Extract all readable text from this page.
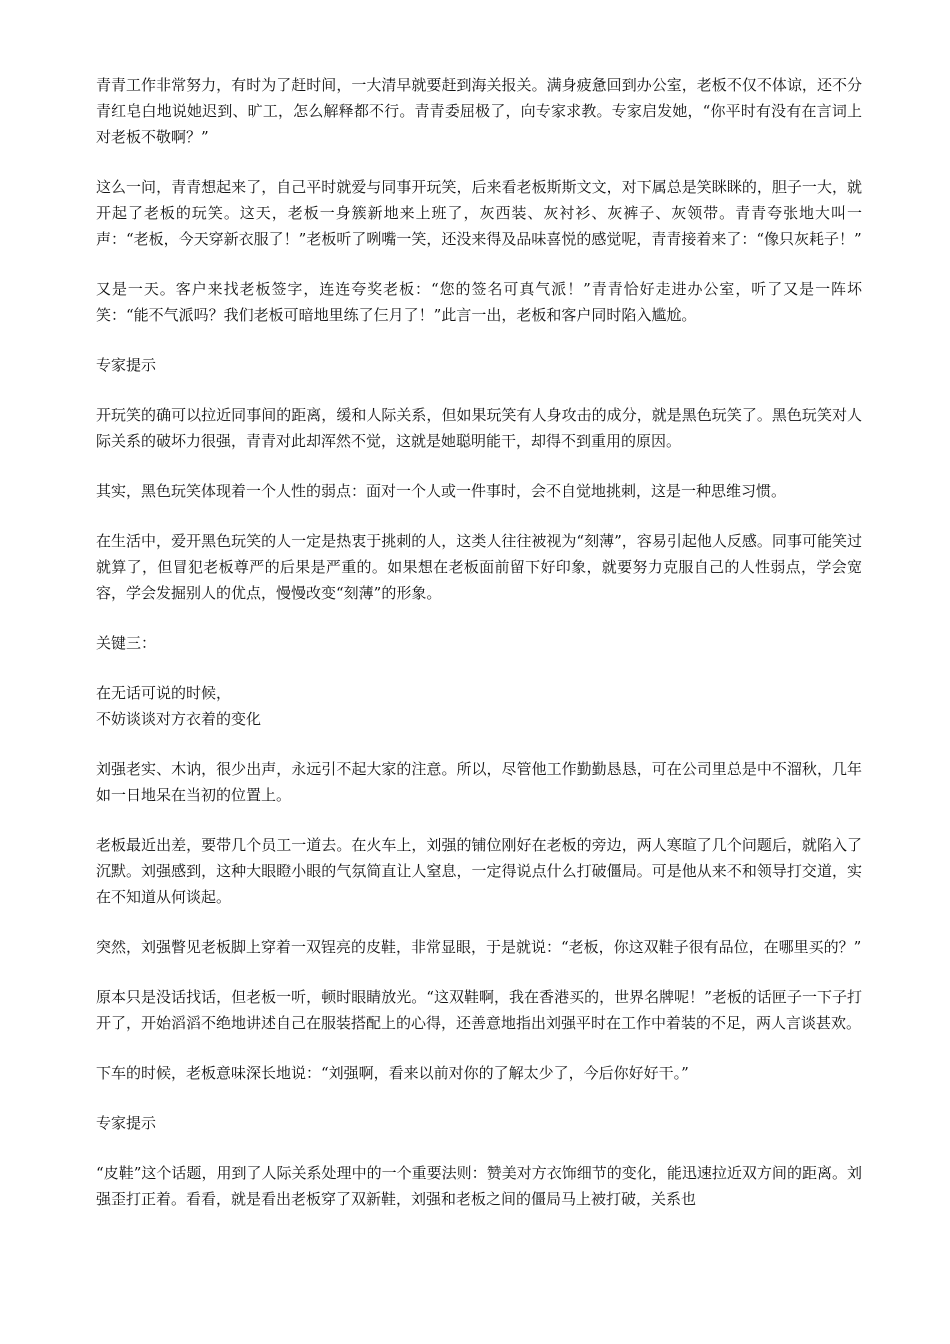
青青工作非常努力，有时为了赶时间，一大清早就要赶到海关报关。满身疲惫回到办公室，老板不仅不体谅，还不分青红皂白地说她迟到、旷工，怎么解释都不行。青青委屈极了，向专家求教。专家启发她，“你平时有没有在言词上对老板不敬啊？”

这么一问，青青想起来了，自己平时就爱与同事开玩笑，后来看老板斯斯文文，对下属总是笑眯眯的，胆子一大，就开起了老板的玩笑。这天，老板一身簇新地来上班了，灰西装、灰衬衫、灰裤子、灰领带。青青夸张地大叫一声：“老板，今天穿新衣服了！”老板听了咧嘴一笑，还没来得及品味喜悦的感觉呢，青青接着来了：“像只灰耗子！”

又是一天。客户来找老板签字，连连夸奖老板：“您的签名可真气派！”青青恰好走进办公室，听了又是一阵坏笑：“能不气派吗？我们老板可暗地里练了仨月了！”此言一出，老板和客户同时陷入尴尬。

专家提示

开玩笑的确可以拉近同事间的距离，缓和人际关系，但如果玩笑有人身攻击的成分，就是黑色玩笑了。黑色玩笑对人际关系的破坏力很强，青青对此却浑然不觉，这就是她聪明能干，却得不到重用的原因。

其实，黑色玩笑体现着一个人性的弱点：面对一个人或一件事时，会不自觉地挑刺，这是一种思维习惯。

在生活中，爱开黑色玩笑的人一定是热衷于挑刺的人，这类人往往被视为“刻薄”，容易引起他人反感。同事可能笑过就算了，但冒犯老板尊严的后果是严重的。如果想在老板面前留下好印象，就要努力克服自己的人性弱点，学会宽容，学会发掘别人的优点，慢慢改变“刻薄”的形象。

关键三：

在无话可说的时候，
不妨谈谈对方衣着的变化

刘强老实、木讷，很少出声，永远引不起大家的注意。所以，尽管他工作勤勤恳恳，可在公司里总是中不溜秋，几年如一日地呆在当初的位置上。

老板最近出差，要带几个员工一道去。在火车上，刘强的铺位刚好在老板的旁边，两人寒暄了几个问题后，就陷入了沉默。刘强感到，这种大眼瞪小眼的气氛简直让人窒息，一定得说点什么打破僵局。可是他从来不和领导打交道，实在不知道从何谈起。

突然，刘强瞥见老板脚上穿着一双锃亮的皮鞋，非常显眼，于是就说：“老板，你这双鞋子很有品位，在哪里买的？”

原本只是没话找话，但老板一听，顿时眼睛放光。“这双鞋啊，我在香港买的，世界名牌呢！”老板的话匣子一下子打开了，开始滔滔不绝地讲述自己在服装搭配上的心得，还善意地指出刘强平时在工作中着装的不足，两人言谈甚欢。

下车的时候，老板意味深长地说：“刘强啊，看来以前对你的了解太少了，今后你好好干。”

专家提示

“皮鞋”这个话题，用到了人际关系处理中的一个重要法则：赞美对方衣饰细节的变化，能迅速拉近双方间的距离。刘强歪打正着。看看，就是看出老板穿了双新鞋，刘强和老板之间的僵局马上被打破，关系也
